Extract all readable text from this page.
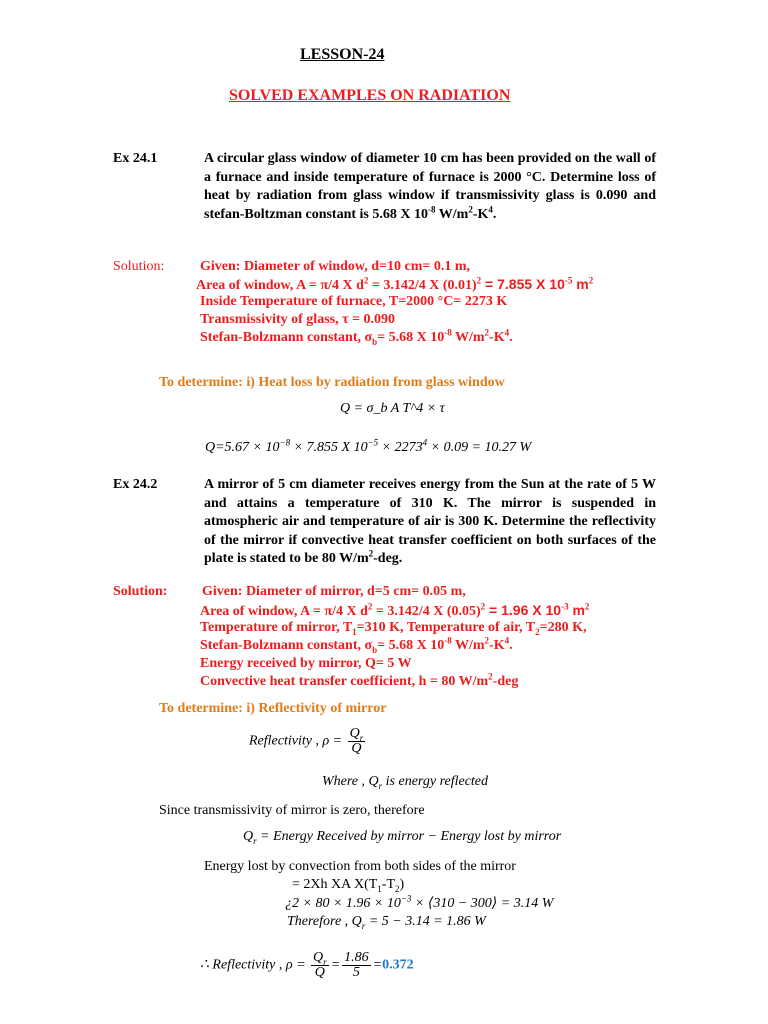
LESSON-24
SOLVED EXAMPLES ON RADIATION
Ex 24.1	A circular glass window of diameter 10 cm has been provided on the wall of a furnace and inside temperature of furnace is 2000 °C. Determine loss of heat by radiation from glass window if transmissivity glass is 0.090 and stefan-Boltzman constant is 5.68 X $10^{-8}$ $W/m^2-K^4$.
Solution:	Given: Diameter of window, d=10 cm= 0.1 m,
Area of window, A = π/4 X $d^2 = 3.142/4$ X $(0.01)^2 = 7.855$ X $10^{-5}$ $m^2$
Inside Temperature of furnace, T=2000 °C= 2273 K
Transmissivity of glass, τ = 0.090
Stefan-Bolzmann constant, $\sigma_b= 5.68$ X $10^{-8}$ $W/m^2-K^4$.
To determine: i) Heat loss by radiation from glass window
Q = σ_b A T^4 × τ
$Q=5.67 \times 10^{-8} \times 7.855$ X $10^{-5} \times 2273^4 \times 0.09 = 10.27$ W
Ex 24.2	A mirror of 5 cm diameter receives energy from the Sun at the rate of 5 W and attains a temperature of 310 K. The mirror is suspended in atmospheric air and temperature of air is 300 K. Determine the reflectivity of the mirror if convective heat transfer coefficient on both surfaces of the plate is stated to be 80 $W/m^2$-deg.
Solution: Given: Diameter of mirror, d=5 cm= 0.05 m,
Area of window, A = π/4 X $d^2 = 3.142/4$ X $(0.05)^2 = 1.96$ X $10^{-3}$ $m^2$
Temperature of mirror, $T_1=310$ K, Temperature of air, $T_2=280$ K,
Stefan-Bolzmann constant, $\sigma_b= 5.68$ X $10^{-8}$ $W/m^2-K^4$.
Energy received by mirror, Q= 5 W
Convective heat transfer coefficient, h = 80 $W/m^2$-deg
To determine: i) Reflectivity of mirror
Reflectivity , $\rho = \frac{Q_r}{Q}$
Where , $Q_r$ is energy reflected
Since transmissivity of mirror is zero, therefore
$Q_r$ = Energy Received by mirror − Energy lost by mirror
Energy lost by convection from both sides of the mirror
= 2Xh XA $X(T_1-T_2)$
¿$2 \times 80 \times 1.96 \times 10^{-3}$ × ⟨310 − 300⟩ = 3.14 W
Therefore , $Q_r = 5 - 3.14 = 1.86$ W
∴ Reflectivity , $\rho = \frac{Q_r}{Q} = \frac{1.86}{5} =0.372$
